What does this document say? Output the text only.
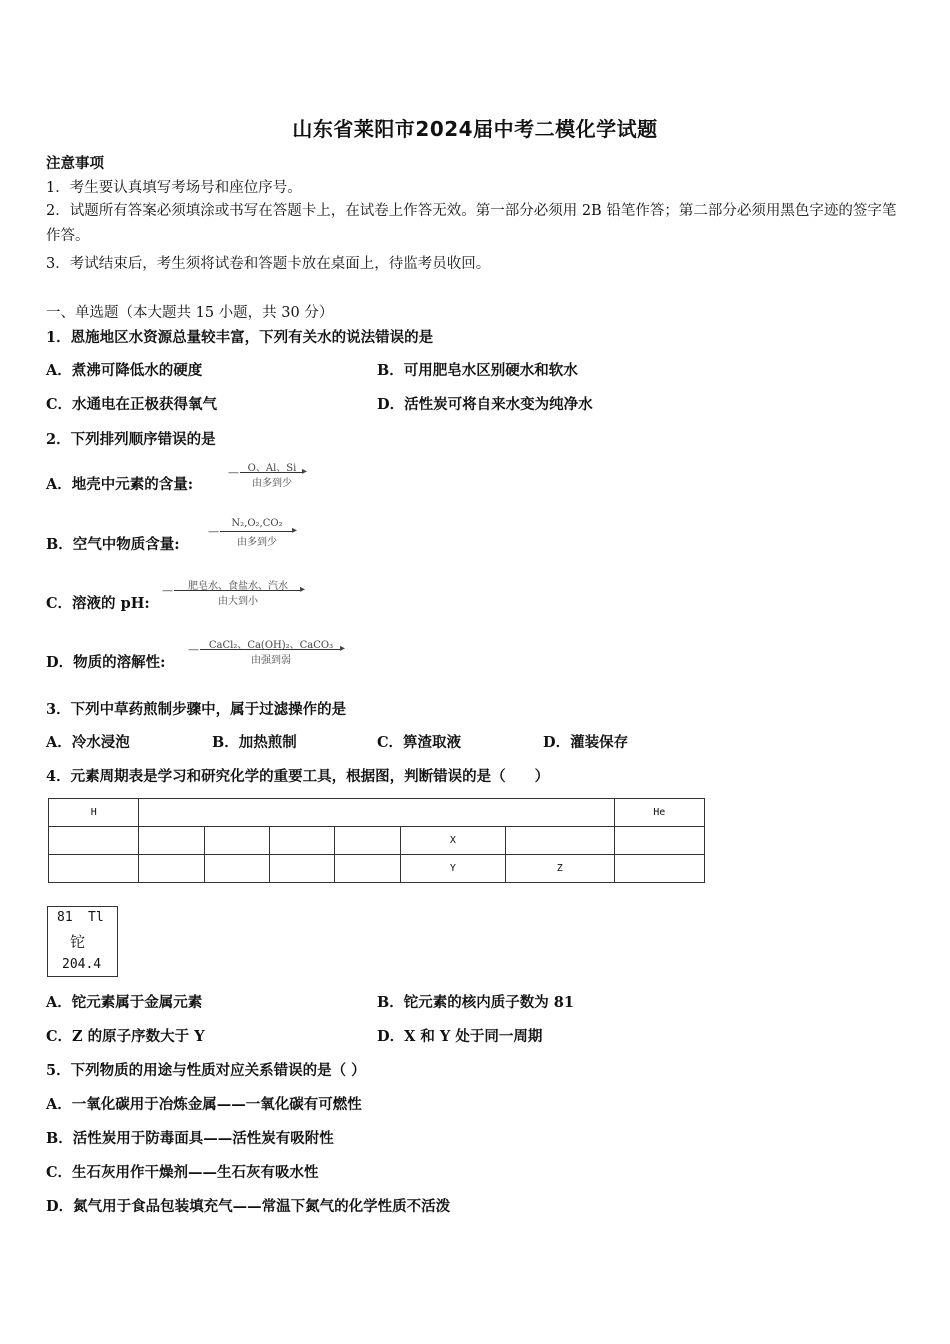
山东省莱阳市2024届中考二模化学试题
注意事项
1．考生要认真填写考场号和座位序号。
2．试题所有答案必须填涂或书写在答题卡上，在试卷上作答无效。第一部分必须用 2B 铅笔作答；第二部分必须用黑色字迹的签字笔作答。
3．考试结束后，考生须将试卷和答题卡放在桌面上，待监考员收回。
一、单选题（本大题共 15 小题，共 30 分）
1．恩施地区水资源总量较丰富，下列有关水的说法错误的是
A．煮沸可降低水的硬度	B．可用肥皂水区别硬水和软水
C．水通电在正极获得氧气	D．活性炭可将自来水变为纯净水
2．下列排列顺序错误的是
A．地壳中元素的含量:
— O、Al、Si ▸
由多到少
B．空气中物质含量:
—
N₂,O₂,CO₂
▸
由多到少
C．溶液的 pH:
—	肥皂水、食盐水、汽水	▸
由大到小
D．物质的溶解性:
— CaCl₂、Ca(OH)₂、CaCO₃ ▸
由强到弱
3．下列中草药煎制步骤中，属于过滤操作的是
A．冷水浸泡	B．加热煎制	C．箅渣取液	D．灌装保存
4．元素周期表是学习和研究化学的重要工具，根据图，判断错误的是（　　）
H							He
					X		
					Y	Z	
81 Tl
铊
204.4
A．铊元素属于金属元素	B．铊元素的核内质子数为 81
C．Z 的原子序数大于 Y	D．X 和 Y 处于同一周期
5．下列物质的用途与性质对应关系错误的是（ ）
A．一氧化碳用于冶炼金属——一氧化碳有可燃性
B．活性炭用于防毒面具——活性炭有吸附性
C．生石灰用作干燥剂——生石灰有吸水性
D．氮气用于食品包装填充气——常温下氮气的化学性质不活泼
